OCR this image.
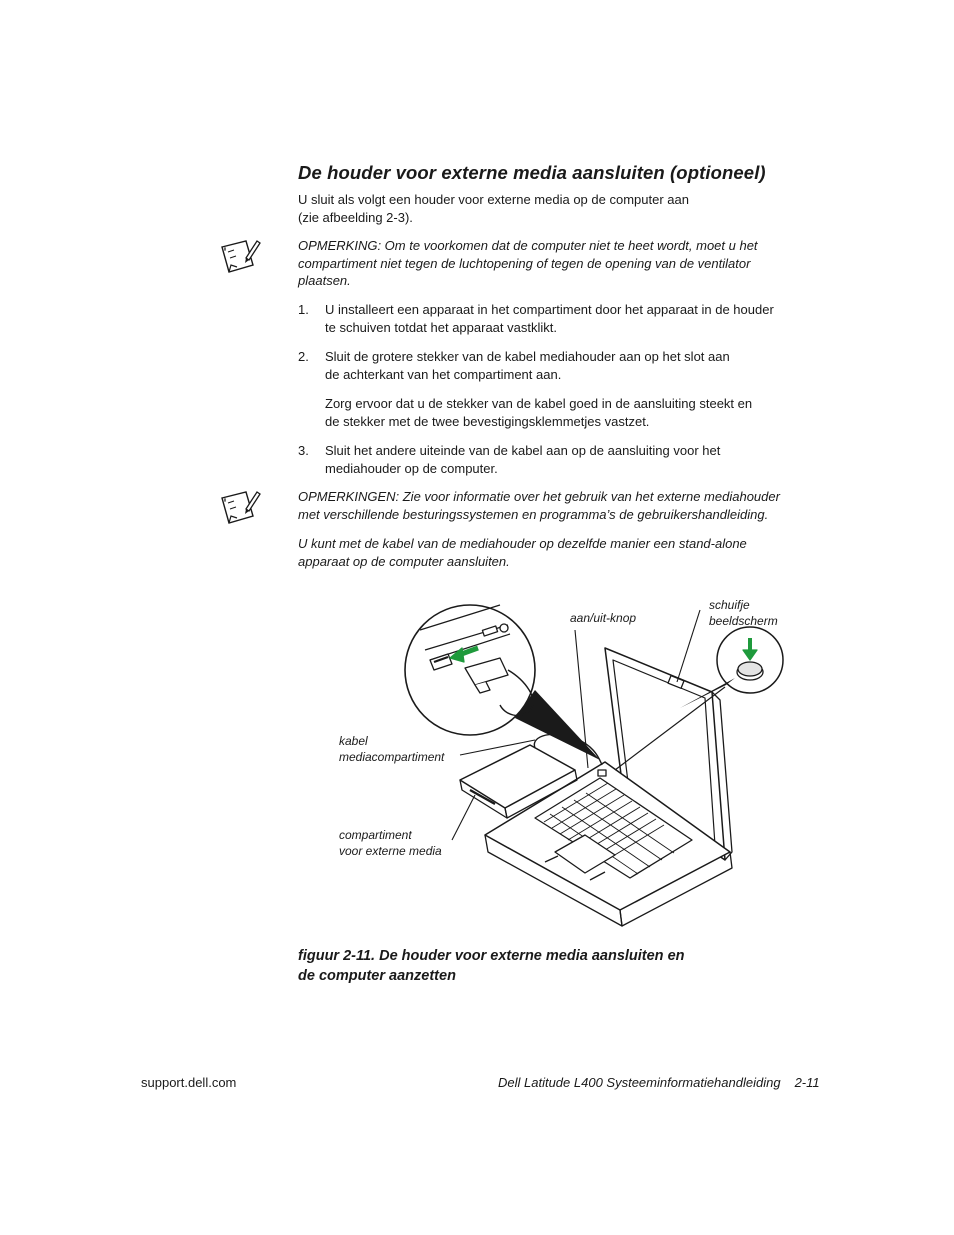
De houder voor externe media aansluiten (optioneel)
U sluit als volgt een houder voor externe media op de computer aan
(zie afbeelding 2-3).
OPMERKING: Om te voorkomen dat de computer niet te heet wordt, moet u het
compartiment niet tegen de luchtopening of tegen de opening van de ventilator
plaatsen.
1. U installeert een apparaat in het compartiment door het apparaat in de houder
te schuiven totdat het apparaat vastklikt.
2. Sluit de grotere stekker van de kabel mediahouder aan op het slot aan
de achterkant van het compartiment aan.
Zorg ervoor dat u de stekker van de kabel goed in de aansluiting steekt en
de stekker met de twee bevestigingsklemmetjes vastzet.
3. Sluit het andere uiteinde van de kabel aan op de aansluiting voor het
mediahouder op de computer.
OPMERKINGEN: Zie voor informatie over het gebruik van het externe mediahouder
met verschillende besturingssystemen en programma’s de gebruikershandleiding.
U kunt met de kabel van de mediahouder op dezelfde manier een stand-alone
apparaat op de computer aansluiten.
aan/uit-knop
schuifje
beeldscherm
kabel
mediacompartiment
compartiment
voor externe media
figuur 2-11. De houder voor externe media aansluiten en
de computer aanzetten
support.dell.com	Dell Latitude L400 Systeeminformatiehandleiding 2-11
